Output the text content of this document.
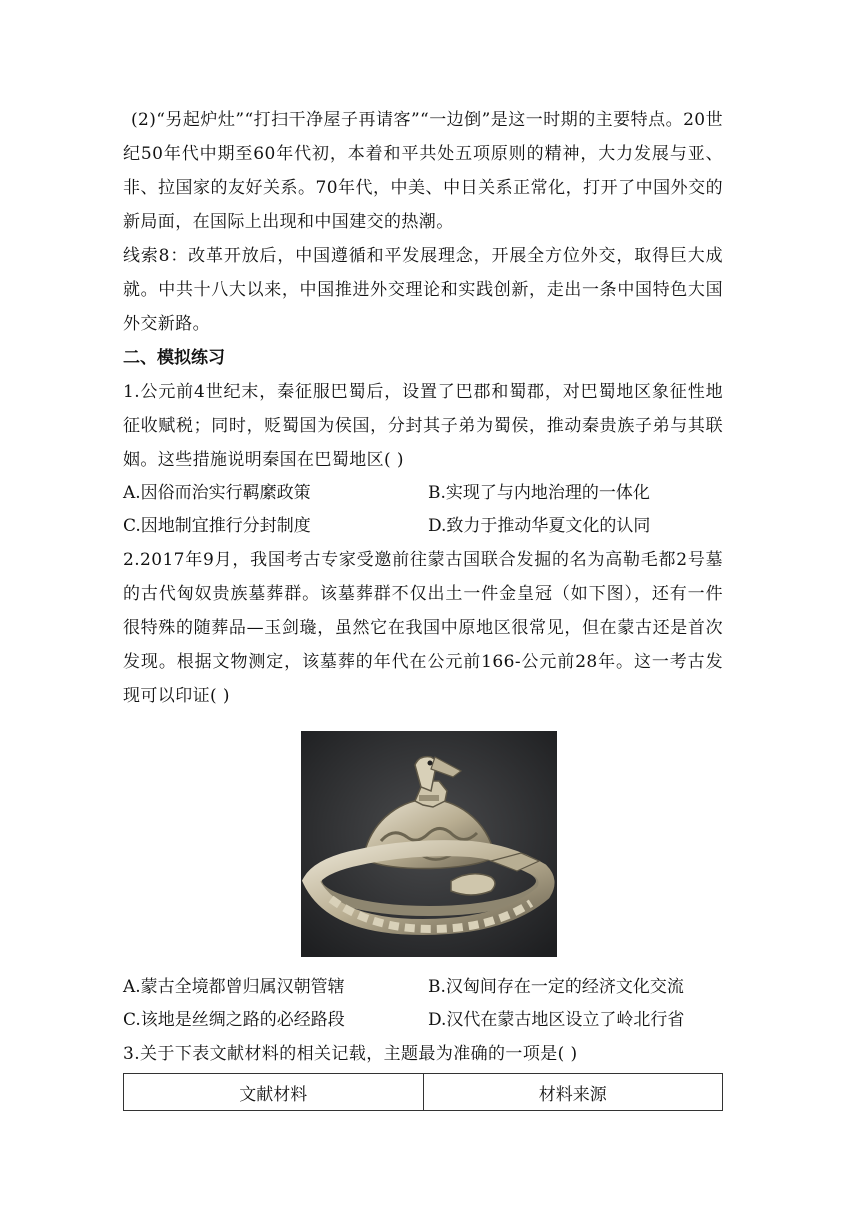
(2)“另起炉灶”“打扫干净屋子再请客”“一边倒”是这一时期的主要特点。20世纪50年代中期至60年代初，本着和平共处五项原则的精神，大力发展与亚、非、拉国家的友好关系。70年代，中美、中日关系正常化，打开了中国外交的新局面，在国际上出现和中国建交的热潮。

线索8：改革开放后，中国遵循和平发展理念，开展全方位外交，取得巨大成就。中共十八大以来，中国推进外交理论和实践创新，走出一条中国特色大国外交新路。

二、模拟练习

1.公元前4世纪末，秦征服巴蜀后，设置了巴郡和蜀郡，对巴蜀地区象征性地征收赋税；同时，贬蜀国为侯国，分封其子弟为蜀侯，推动秦贵族子弟与其联姻。这些措施说明秦国在巴蜀地区( )

A.因俗而治实行羁縻政策	B.实现了与内地治理的一体化
C.因地制宜推行分封制度	D.致力于推动华夏文化的认同

2.2017年9月，我国考古专家受邀前往蒙古国联合发掘的名为高勒毛都2号墓的古代匈奴贵族墓葬群。该墓葬群不仅出土一件金皇冠（如下图），还有一件很特殊的随葬品—玉剑璏，虽然它在我国中原地区很常见，但在蒙古还是首次发现。根据文物测定，该墓葬的年代在公元前166-公元前28年。这一考古发现可以印证( )

A.蒙古全境都曾归属汉朝管辖	B.汉匈间存在一定的经济文化交流
C.该地是丝绸之路的必经路段	D.汉代在蒙古地区设立了岭北行省

3.关于下表文献材料的相关记载，主题最为准确的一项是( )

文献材料	材料来源
